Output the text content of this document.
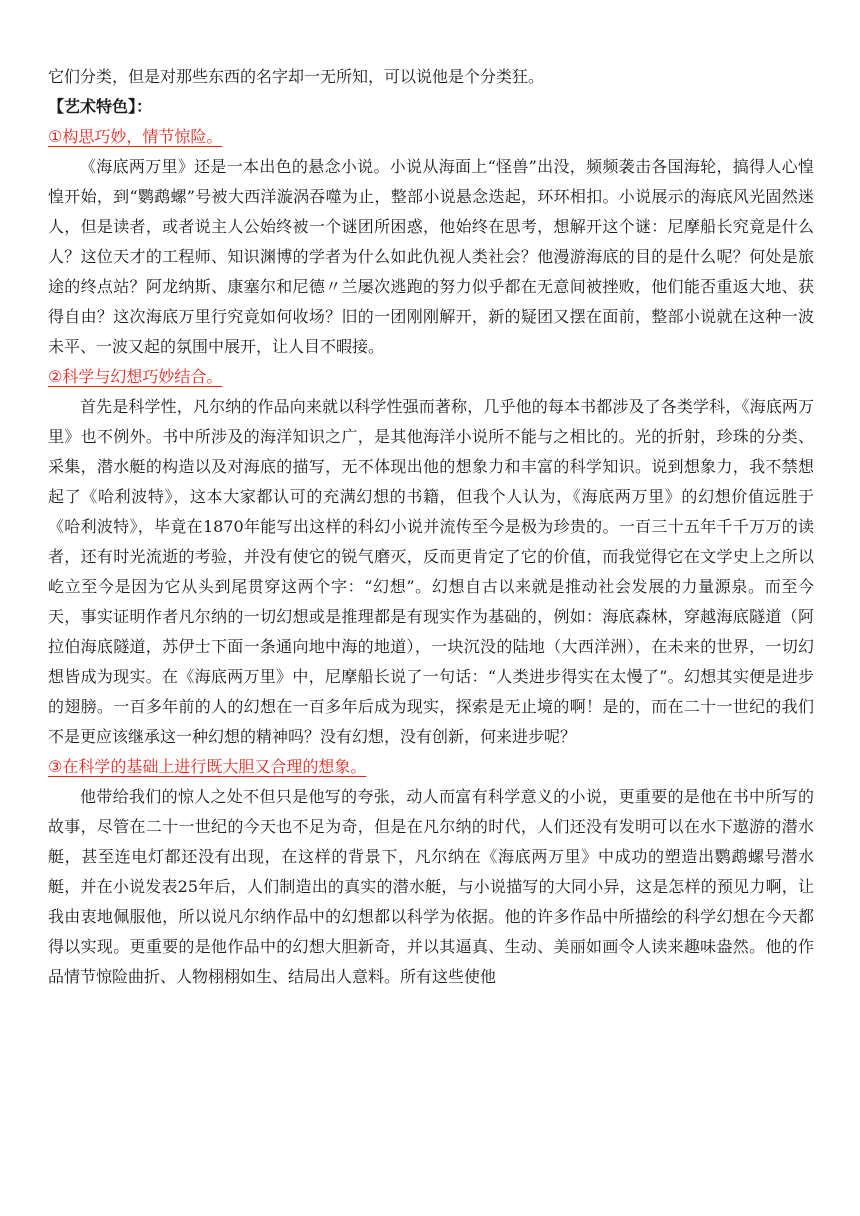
它们分类，但是对那些东西的名字却一无所知，可以说他是个分类狂。

【艺术特色】：

①构思巧妙，情节惊险。

《海底两万里》还是一本出色的悬念小说。小说从海面上“怪兽”出没，频频袭击各国海轮，搞得人心惶惶开始，到“鹦鹉螺”号被大西洋漩涡吞噬为止，整部小说悬念迭起，环环相扣。小说展示的海底风光固然迷人，但是读者，或者说主人公始终被一个谜团所困惑，他始终在思考，想解开这个谜：尼摩船长究竟是什么人？这位天才的工程师、知识渊博的学者为什么如此仇视人类社会？他漫游海底的目的是什么呢？何处是旅途的终点站？阿龙纳斯、康塞尔和尼德〃兰屡次逃跑的努力似乎都在无意间被挫败，他们能否重返大地、获得自由？这次海底万里行究竟如何收场？旧的一团刚刚解开，新的疑团又摆在面前，整部小说就在这种一波未平、一波又起的氛围中展开，让人目不暇接。

②科学与幻想巧妙结合。

首先是科学性，凡尔纳的作品向来就以科学性强而著称，几乎他的每本书都涉及了各类学科，《海底两万里》也不例外。书中所涉及的海洋知识之广，是其他海洋小说所不能与之相比的。光的折射，珍珠的分类、采集，潜水艇的构造以及对海底的描写，无不体现出他的想象力和丰富的科学知识。说到想象力，我不禁想起了《哈利波特》，这本大家都认可的充满幻想的书籍，但我个人认为，《海底两万里》的幻想价值远胜于《哈利波特》，毕竟在1870年能写出这样的科幻小说并流传至今是极为珍贵的。一百三十五年千千万万的读者，还有时光流逝的考验，并没有使它的锐气磨灭，反而更肯定了它的价值，而我觉得它在文学史上之所以屹立至今是因为它从头到尾贯穿这两个字：“幻想”。幻想自古以来就是推动社会发展的力量源泉。而至今天，事实证明作者凡尔纳的一切幻想或是推理都是有现实作为基础的，例如：海底森林，穿越海底隧道（阿拉伯海底隧道，苏伊士下面一条通向地中海的地道），一块沉没的陆地（大西洋洲），在未来的世界，一切幻想皆成为现实。在《海底两万里》中，尼摩船长说了一句话：“人类进步得实在太慢了”。幻想其实便是进步的翅膀。一百多年前的人的幻想在一百多年后成为现实，探索是无止境的啊！是的，而在二十一世纪的我们不是更应该继承这一种幻想的精神吗？没有幻想，没有创新，何来进步呢？

③在科学的基础上进行既大胆又合理的想象。

他带给我们的惊人之处不但只是他写的夸张，动人而富有科学意义的小说，更重要的是他在书中所写的故事，尽管在二十一世纪的今天也不足为奇，但是在凡尔纳的时代，人们还没有发明可以在水下遨游的潜水艇，甚至连电灯都还没有出现，在这样的背景下，凡尔纳在《海底两万里》中成功的塑造出鹦鹉螺号潜水艇，并在小说发表25年后，人们制造出的真实的潜水艇，与小说描写的大同小异，这是怎样的预见力啊，让我由衷地佩服他，所以说凡尔纳作品中的幻想都以科学为依据。他的许多作品中所描绘的科学幻想在今天都得以实现。更重要的是他作品中的幻想大胆新奇，并以其逼真、生动、美丽如画令人读来趣味盎然。他的作品情节惊险曲折、人物栩栩如生、结局出人意料。所有这些使他
